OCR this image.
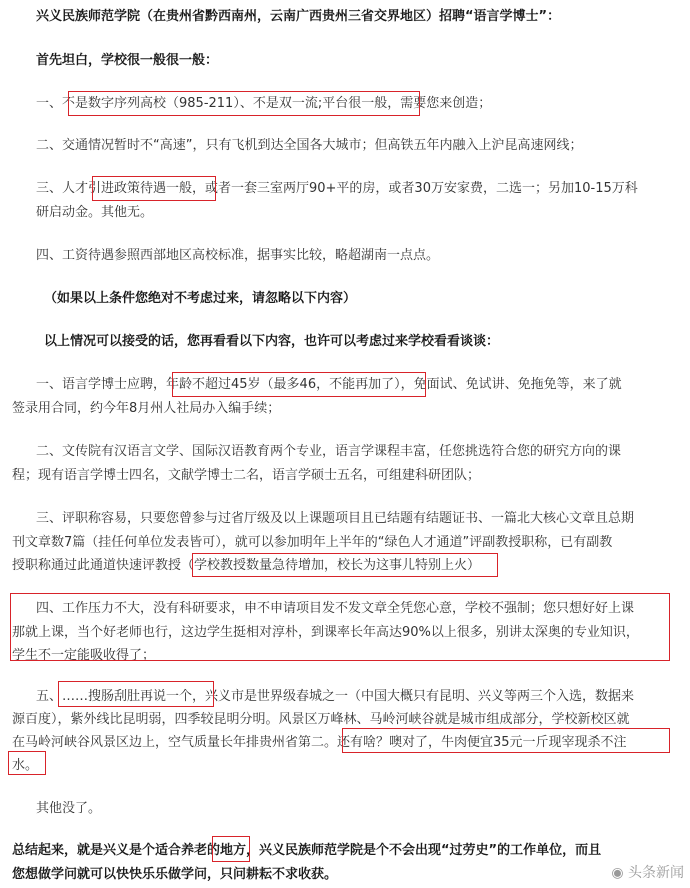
兴义民族师范学院（在贵州省黔西南州，云南广西贵州三省交界地区）招聘“语言学博士”：
首先坦白，学校很一般很一般：
一、不是数字序列高校（985-211）、不是双一流;平台很一般，需要您来创造；
二、交通情况暂时不“高速”，只有飞机到达全国各大城市；但高铁五年内融入上沪昆高速网线；
三、人才引进政策待遇一般，或者一套三室两厅90+平的房，或者30万安家费，二选一；另加10-15万科
研启动金。其他无。
四、工资待遇参照西部地区高校标准，据事实比较，略超湖南一点点。
（如果以上条件您绝对不考虑过来，请忽略以下内容）
以上情况可以接受的话，您再看看以下内容，也许可以考虑过来学校看看谈谈：
一、语言学博士应聘，年龄不超过45岁（最多46，不能再加了），免面试、免试讲、免拖免等，来了就
签录用合同，约今年8月州人社局办入编手续；
二、文传院有汉语言文学、国际汉语教育两个专业，语言学课程丰富，任您挑选符合您的研究方向的课
程；现有语言学博士四名，文献学博士二名，语言学硕士五名，可组建科研团队；
三、评职称容易，只要您曾参与过省厅级及以上课题项目且已结题有结题证书、一篇北大核心文章且总期
刊文章数7篇（挂任何单位发表皆可），就可以参加明年上半年的“绿色人才通道”评副教授职称，已有副教
授职称通过此通道快速评教授（学校教授数量急待增加，校长为这事儿特别上火）
四、工作压力不大，没有科研要求，申不申请项目发不发文章全凭您心意，学校不强制；您只想好好上课
那就上课，当个好老师也行，这边学生挺相对淳朴，到课率长年高达90%以上很多，别讲太深奥的专业知识，
学生不一定能吸收得了；
五、……搜肠刮肚再说一个，兴义市是世界级春城之一（中国大概只有昆明、兴义等两三个入选，数据来
源百度），紫外线比昆明弱，四季较昆明分明。风景区万峰林、马岭河峡谷就是城市组成部分，学校新校区就
在马岭河峡谷风景区边上，空气质量长年排贵州省第二。还有啥？噢对了，牛肉便宜35元一斤现宰现杀不注
水。
其他没了。
总结起来，就是兴义是个适合养老的地方，兴义民族师范学院是个不会出现“过劳史”的工作单位，而且
您想做学问就可以快快乐乐做学问，只问耕耘不求收获。	◉ 头条新闻
